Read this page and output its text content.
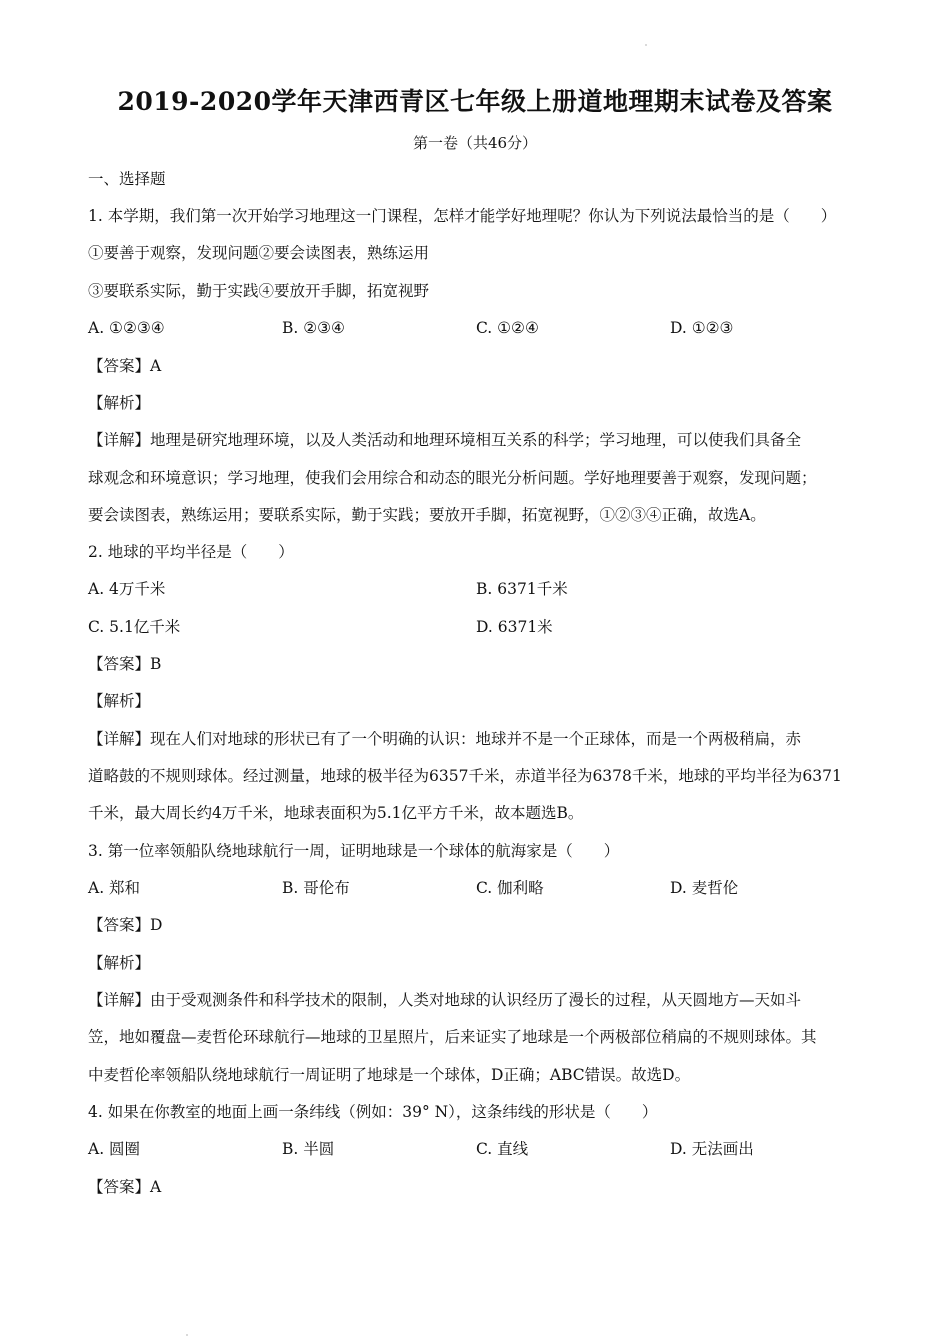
2019-2020学年天津西青区七年级上册道地理期末试卷及答案
第一卷（共46分）
一、选择题
1. 本学期，我们第一次开始学习地理这一门课程，怎样才能学好地理呢？你认为下列说法最恰当的是（　　）
①要善于观察，发现问题②要会读图表，熟练运用
③要联系实际，勤于实践④要放开手脚，拓宽视野
A. ①②③④	B. ②③④	C. ①②④	D. ①②③
【答案】A
【解析】
【详解】地理是研究地理环境，以及人类活动和地理环境相互关系的科学；学习地理，可以使我们具备全
球观念和环境意识；学习地理，使我们会用综合和动态的眼光分析问题。学好地理要善于观察，发现问题；
要会读图表，熟练运用；要联系实际，勤于实践；要放开手脚，拓宽视野，①②③④正确，故选A。
2. 地球的平均半径是（　　）
A. 4万千米	B. 6371千米
C. 5.1亿千米	D. 6371米
【答案】B
【解析】
【详解】现在人们对地球的形状已有了一个明确的认识：地球并不是一个正球体，而是一个两极稍扁，赤
道略鼓的不规则球体。经过测量，地球的极半径为6357千米，赤道半径为6378千米，地球的平均半径为6371
千米，最大周长约4万千米，地球表面积为5.1亿平方千米，故本题选B。
3. 第一位率领船队绕地球航行一周，证明地球是一个球体的航海家是（　　）
A. 郑和	B. 哥伦布	C. 伽利略	D. 麦哲伦
【答案】D
【解析】
【详解】由于受观测条件和科学技术的限制，人类对地球的认识经历了漫长的过程，从天圆地方—天如斗
笠，地如覆盘—麦哲伦环球航行—地球的卫星照片，后来证实了地球是一个两极部位稍扁的不规则球体。其
中麦哲伦率领船队绕地球航行一周证明了地球是一个球体，D正确；ABC错误。故选D。
4. 如果在你教室的地面上画一条纬线（例如：39° N），这条纬线的形状是（　　）
A. 圆圈	B. 半圆	C. 直线	D. 无法画出
【答案】A
